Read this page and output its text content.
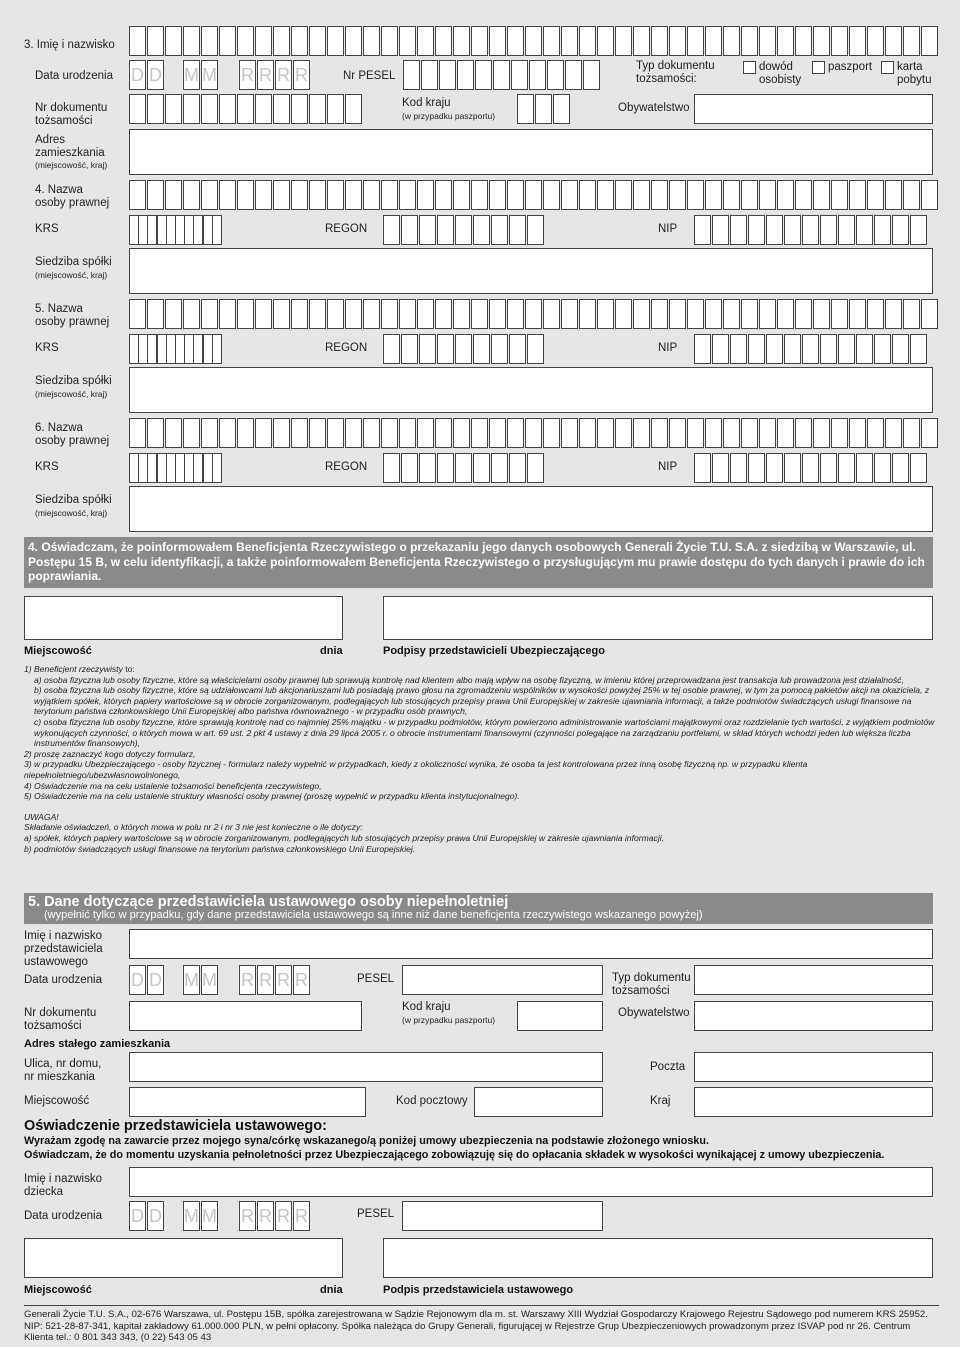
3. Imię i nazwisko
Data urodzenia D D M M R R R R	Nr PESEL
Typ dokumentu tożsamości:
dowód osobisty
paszport karta pobytu
Nr dokumentu tożsamości
Kod kraju
(w przypadku paszportu)
Obywatelstwo
Adres zamieszkania
(miejscowość, kraj)
4. Nazwa osoby prawnej
KRS	REGON	NIP
Siedziba spółki
(miejscowość, kraj)
5. Nazwa osoby prawnej
KRS	REGON	NIP
Siedziba spółki
(miejscowość, kraj)
6. Nazwa osoby prawnej
KRS	REGON	NIP
Siedziba spółki
(miejscowość, kraj)
4. Oświadczam, że poinformowałem Beneficjenta Rzeczywistego o przekazaniu jego danych osobowych Generali Życie T.U. S.A. z siedzibą w Warszawie, ul. Postępu 15 B, w celu identyfikacji, a także poinformowałem Beneficjenta Rzeczywistego o przysługującym mu prawie dostępu do tych danych i prawie do ich poprawiania.
Miejscowość	dnia	Podpisy przedstawicieli Ubezpieczającego
1) Beneficjent rzeczywisty to:
a) osoba fizyczna lub osoby fizyczne, które są właścicielami osoby prawnej lub sprawują kontrolę nad klientem albo mają wpływ na osobę fizyczną, w imieniu której przeprowadzana jest transakcja lub prowadzona jest działalność,
b) osoba fizyczna lub osoby fizyczne, które są udziałowcami lub akcjonariuszami lub posiadają prawo głosu na zgromadzeniu wspólników w wysokości powyżej 25% w tej osobie prawnej, w tym za pomocą pakietów akcji na okaziciela, z wyjątkiem spółek, których papiery wartościowe są w obrocie zorganizowanym, podlegających lub stosujących przepisy prawa Unii Europejskiej w zakresie ujawniania informacji, a także podmiotów świadczących usługi finansowe na terytorium państwa członkowskiego Unii Europejskiej albo państwa równoważnego - w przypadku osób prawnych,
c) osoba fizyczna lub osoby fizyczne, które sprawują kontrolę nad co najmniej 25% majątku - w przypadku podmiotów, którym powierzono administrowanie wartościami majątkowymi oraz rozdzielanie tych wartości, z wyjątkiem podmiotów wykonujących czynności, o których mowa w art. 69 ust. 2 pkt 4 ustawy z dnia 29 lipca 2005 r. o obrocie instrumentami finansowymi (czynności polegające na zarządzaniu portfelami, w skład których wchodzi jeden lub większa liczba instrumentów finansowych),
2) proszę zaznaczyć kogo dotyczy formularz,
3) w przypadku Ubezpieczającego - osoby fizycznej - formularz należy wypełnić w przypadkach, kiedy z okoliczności wynika, że osoba ta jest kontrolowana przez inną osobę fizyczną np. w przypadku klienta niepełnoletniego/ubezwłasnowolnionego,
4) Oświadczenie ma na celu ustalenie tożsamości beneficjenta rzeczywistego,
5) Oświadczenie ma na celu ustalenie struktury własności osoby prawnej (proszę wypełnić w przypadku klienta instytucjonalnego).
UWAGA!
Składanie oświadczeń, o których mowa w polu nr 2 i nr 3 nie jest konieczne o ile dotyczy:
a) spółek, których papiery wartościowe są w obrocie zorganizowanym, podlegających lub stosujących przepisy prawa Unii Europejskiej w zakresie ujawniania informacji,
b) podmiotów świadczących usługi finansowe na terytorium państwa członkowskiego Unii Europejskiej.
5. Dane dotyczące przedstawiciela ustawowego osoby niepełnoletniej
(wypełnić tylko w przypadku, gdy dane przedstawiciela ustawowego są inne niż dane beneficjenta rzeczywistego wskazanego powyżej)
Imię i nazwisko przedstawiciela ustawowego
Data urodzenia D D M M R R R R	PESEL	Typ dokumentu tożsamości
Nr dokumentu tożsamości
Kod kraju
(w przypadku paszportu)
Obywatelstwo
Adres stałego zamieszkania
Ulica, nr domu, nr mieszkania
Poczta
Miejscowość	Kod pocztowy	Kraj
Oświadczenie przedstawiciela ustawowego:
Wyrażam zgodę na zawarcie przez mojego syna/córkę wskazanego/ą poniżej umowy ubezpieczenia na podstawie złożonego wniosku.
Oświadczam, że do momentu uzyskania pełnoletności przez Ubezpieczającego zobowiązuję się do opłacania składek w wysokości wynikającej z umowy ubezpieczenia.
Imię i nazwisko dziecka
Data urodzenia D D M M R R R R	PESEL
Miejscowość	dnia	Podpis przedstawiciela ustawowego
Generali Życie T.U. S.A., 02-676 Warszawa, ul. Postępu 15B, spółka zarejestrowana w Sądzie Rejonowym dla m. st. Warszawy XIII Wydział Gospodarczy Krajowego Rejestru Sądowego pod numerem KRS 25952. NIP: 521-28-87-341, kapitał zakładowy 61.000.000 PLN, w pełni opłacony. Spółka należąca do Grupy Generali, figurującej w Rejestrze Grup Ubezpieczeniowych prowadzonym przez ISVAP pod nr 26. Centrum Klienta tel.: 0 801 343 343, (0 22) 543 05 43
